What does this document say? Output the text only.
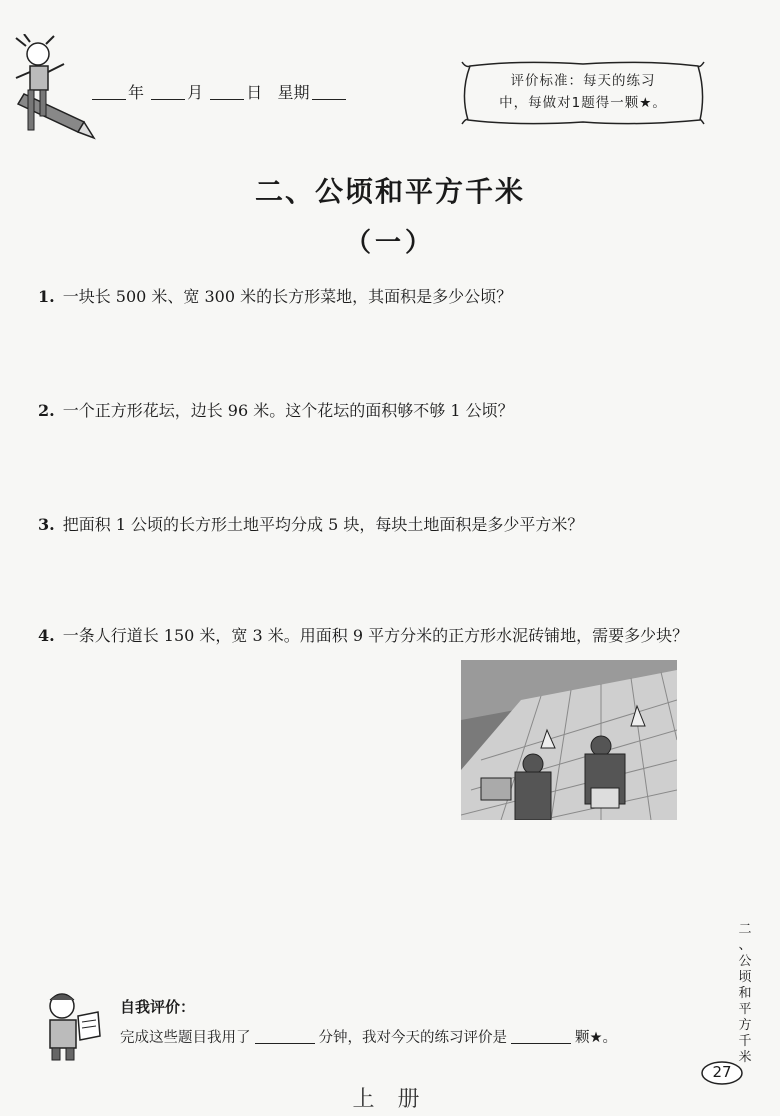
年	月	日 星期
评价标准：每天的练习
中，每做对1题得一颗★。
二、公顷和平方千米
（一）
1. 一块长 500 米、宽 300 米的长方形菜地，其面积是多少公顷？
2. 一个正方形花坛，边长 96 米。这个花坛的面积够不够 1 公顷？
3. 把面积 1 公顷的长方形土地平均分成 5 块，每块土地面积是多少平方米？
4. 一条人行道长 150 米，宽 3 米。用面积 9 平方分米的正方形水泥砖铺地，需要多少块？
二
、
公
顷
和
平
方
千
米
27
自我评价：
完成这些题目我用了	分钟，我对今天的练习评价是	颗★。
上 册
